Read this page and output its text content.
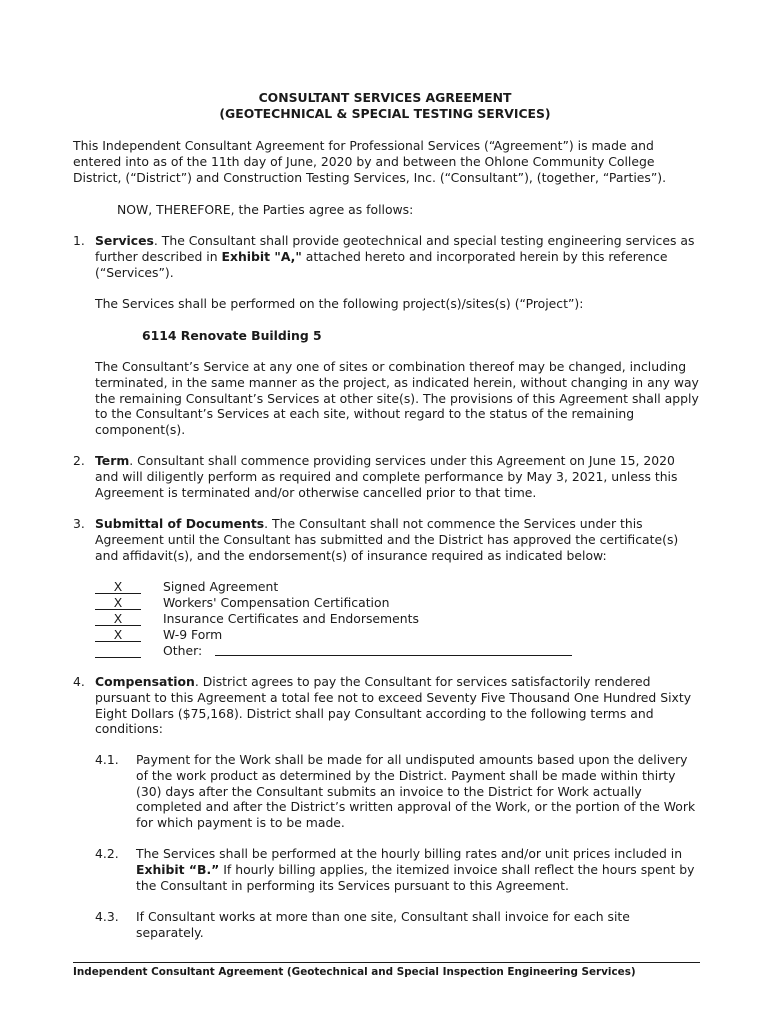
CONSULTANT SERVICES AGREEMENT
(GEOTECHNICAL & SPECIAL TESTING SERVICES)
This Independent Consultant Agreement for Professional Services (“Agreement”) is made and entered into as of the 11th day of June, 2020 by and between the Ohlone Community College District, (“District”) and Construction Testing Services, Inc. (“Consultant”), (together, “Parties”).
NOW, THEREFORE, the Parties agree as follows:
1. Services. The Consultant shall provide geotechnical and special testing engineering services as further described in Exhibit "A," attached hereto and incorporated herein by this reference (“Services”).
The Services shall be performed on the following project(s)/sites(s) (“Project”):
6114 Renovate Building 5
The Consultant’s Service at any one of sites or combination thereof may be changed, including terminated, in the same manner as the project, as indicated herein, without changing in any way the remaining Consultant’s Services at other site(s). The provisions of this Agreement shall apply to the Consultant’s Services at each site, without regard to the status of the remaining component(s).
2. Term. Consultant shall commence providing services under this Agreement on June 15, 2020 and will diligently perform as required and complete performance by May 3, 2021, unless this Agreement is terminated and/or otherwise cancelled prior to that time.
3. Submittal of Documents. The Consultant shall not commence the Services under this Agreement until the Consultant has submitted and the District has approved the certificate(s) and affidavit(s), and the endorsement(s) of insurance required as indicated below:
X	Signed Agreement
X	Workers' Compensation Certification
X	Insurance Certificates and Endorsements
X	W-9 Form
Other:
4. Compensation. District agrees to pay the Consultant for services satisfactorily rendered pursuant to this Agreement a total fee not to exceed Seventy Five Thousand One Hundred Sixty Eight Dollars ($75,168). District shall pay Consultant according to the following terms and conditions:
4.1. Payment for the Work shall be made for all undisputed amounts based upon the delivery of the work product as determined by the District. Payment shall be made within thirty (30) days after the Consultant submits an invoice to the District for Work actually completed and after the District’s written approval of the Work, or the portion of the Work for which payment is to be made.
4.2. The Services shall be performed at the hourly billing rates and/or unit prices included in Exhibit “B.” If hourly billing applies, the itemized invoice shall reflect the hours spent by the Consultant in performing its Services pursuant to this Agreement.
4.3. If Consultant works at more than one site, Consultant shall invoice for each site separately.
Independent Consultant Agreement (Geotechnical and Special Inspection Engineering Services)
